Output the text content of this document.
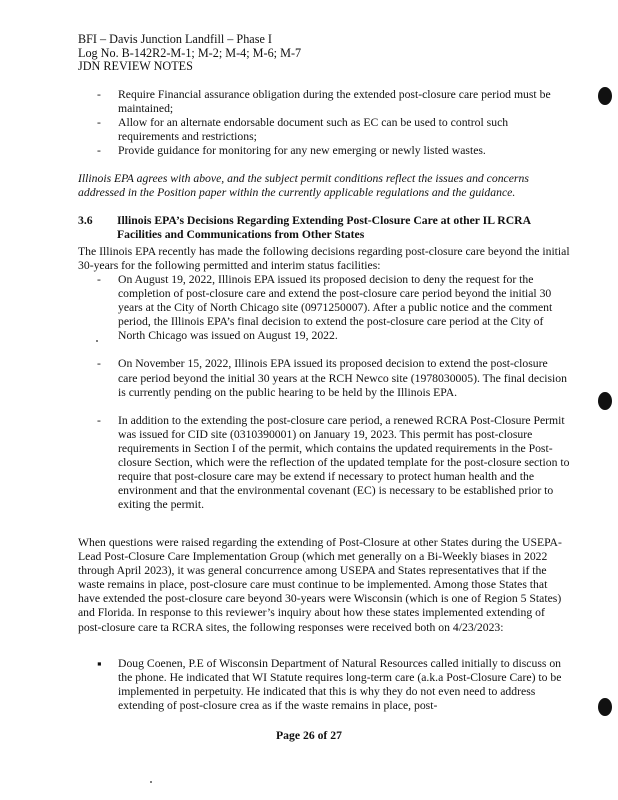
BFI – Davis Junction Landfill – Phase I
Log No. B-142R2-M-1; M-2; M-4; M-6; M-7
JDN REVIEW NOTES
- Require Financial assurance obligation during the extended post-closure care period must be maintained;
- Allow for an alternate endorsable document such as EC can be used to control such requirements and restrictions;
- Provide guidance for monitoring for any new emerging or newly listed wastes.
Illinois EPA agrees with above, and the subject permit conditions reflect the issues and concerns addressed in the Position paper within the currently applicable regulations and the guidance.
3.6	Illinois EPA’s Decisions Regarding Extending Post-Closure Care at other IL RCRA Facilities and Communications from Other States
The Illinois EPA recently has made the following decisions regarding post-closure care beyond the initial 30-years for the following permitted and interim status facilities:
- On August 19, 2022, Illinois EPA issued its proposed decision to deny the request for the completion of post-closure care and extend the post-closure care period beyond the initial 30 years at the City of North Chicago site (0971250007). After a public notice and the comment period, the Illinois EPA’s final decision to extend the post-closure care period at the City of North Chicago was issued on August 19, 2022.
- On November 15, 2022, Illinois EPA issued its proposed decision to extend the post-closure care period beyond the initial 30 years at the RCH Newco site (1978030005). The final decision is currently pending on the public hearing to be held by the Illinois EPA.
- In addition to the extending the post-closure care period, a renewed RCRA Post-Closure Permit was issued for CID site (0310390001) on January 19, 2023. This permit has post-closure requirements in Section I of the permit, which contains the updated requirements in the Post-closure Section, which were the reflection of the updated template for the post-closure section to require that post-closure care may be extend if necessary to protect human health and the environment and that the environmental covenant (EC) is necessary to be established prior to exiting the permit.
When questions were raised regarding the extending of Post-Closure at other States during the USEPA-Lead Post-Closure Care Implementation Group (which met generally on a Bi-Weekly biases in 2022 through April 2023), it was general concurrence among USEPA and States representatives that if the waste remains in place, post-closure care must continue to be implemented. Among those States that have extended the post-closure care beyond 30-years were Wisconsin (which is one of Region 5 States) and Florida. In response to this reviewer’s inquiry about how these states implemented extending of post-closure care ta RCRA sites, the following responses were received both on 4/23/2023:
▪ Doug Coenen, P.E of Wisconsin Department of Natural Resources called initially to discuss on the phone. He indicated that WI Statute requires long-term care (a.k.a Post-Closure Care) to be implemented in perpetuity. He indicated that this is why they do not even need to address extending of post-closure crea as if the waste remains in place, post-
Page 26 of 27
